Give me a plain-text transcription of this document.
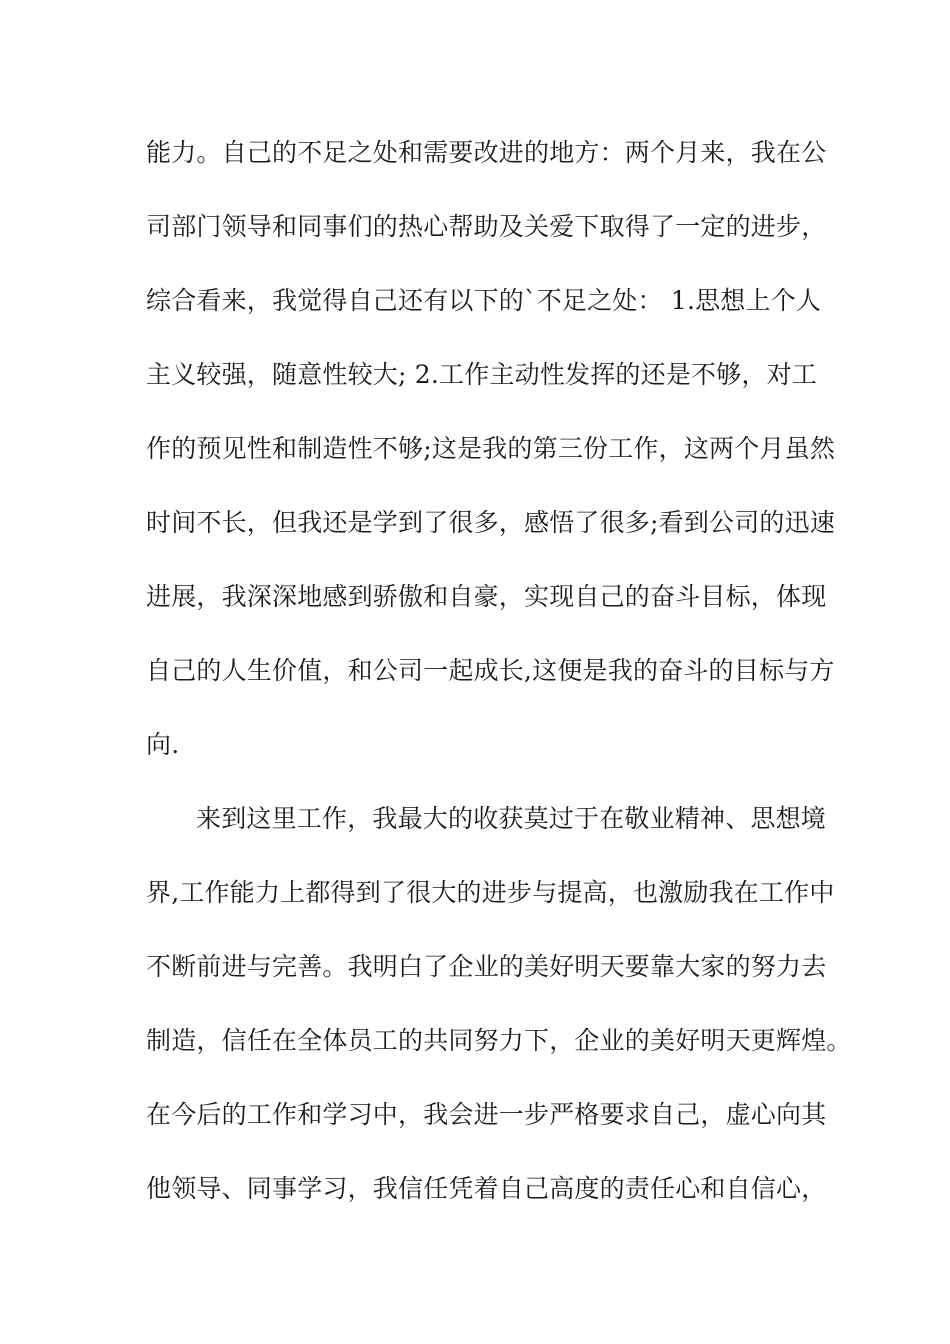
能力。自己的不足之处和需要改进的地方：两个月来，我在公
司部门领导和同事们的热心帮助及关爱下取得了一定的进步，
综合看来，我觉得自己还有以下的`不足之处： 1.思想上个人
主义较强，随意性较大; 2.工作主动性发挥的还是不够，对工
作的预见性和制造性不够;这是我的第三份工作，这两个月虽然
时间不长，但我还是学到了很多，感悟了很多;看到公司的迅速
进展，我深深地感到骄傲和自豪，实现自己的奋斗目标，体现
自己的人生价值，和公司一起成长,这便是我的奋斗的目标与方
向.
来到这里工作，我最大的收获莫过于在敬业精神、思想境
界,工作能力上都得到了很大的进步与提高，也激励我在工作中
不断前进与完善。我明白了企业的美好明天要靠大家的努力去
制造，信任在全体员工的共同努力下，企业的美好明天更辉煌。
在今后的工作和学习中，我会进一步严格要求自己，虚心向其
他领导、同事学习，我信任凭着自己高度的责任心和自信心，
